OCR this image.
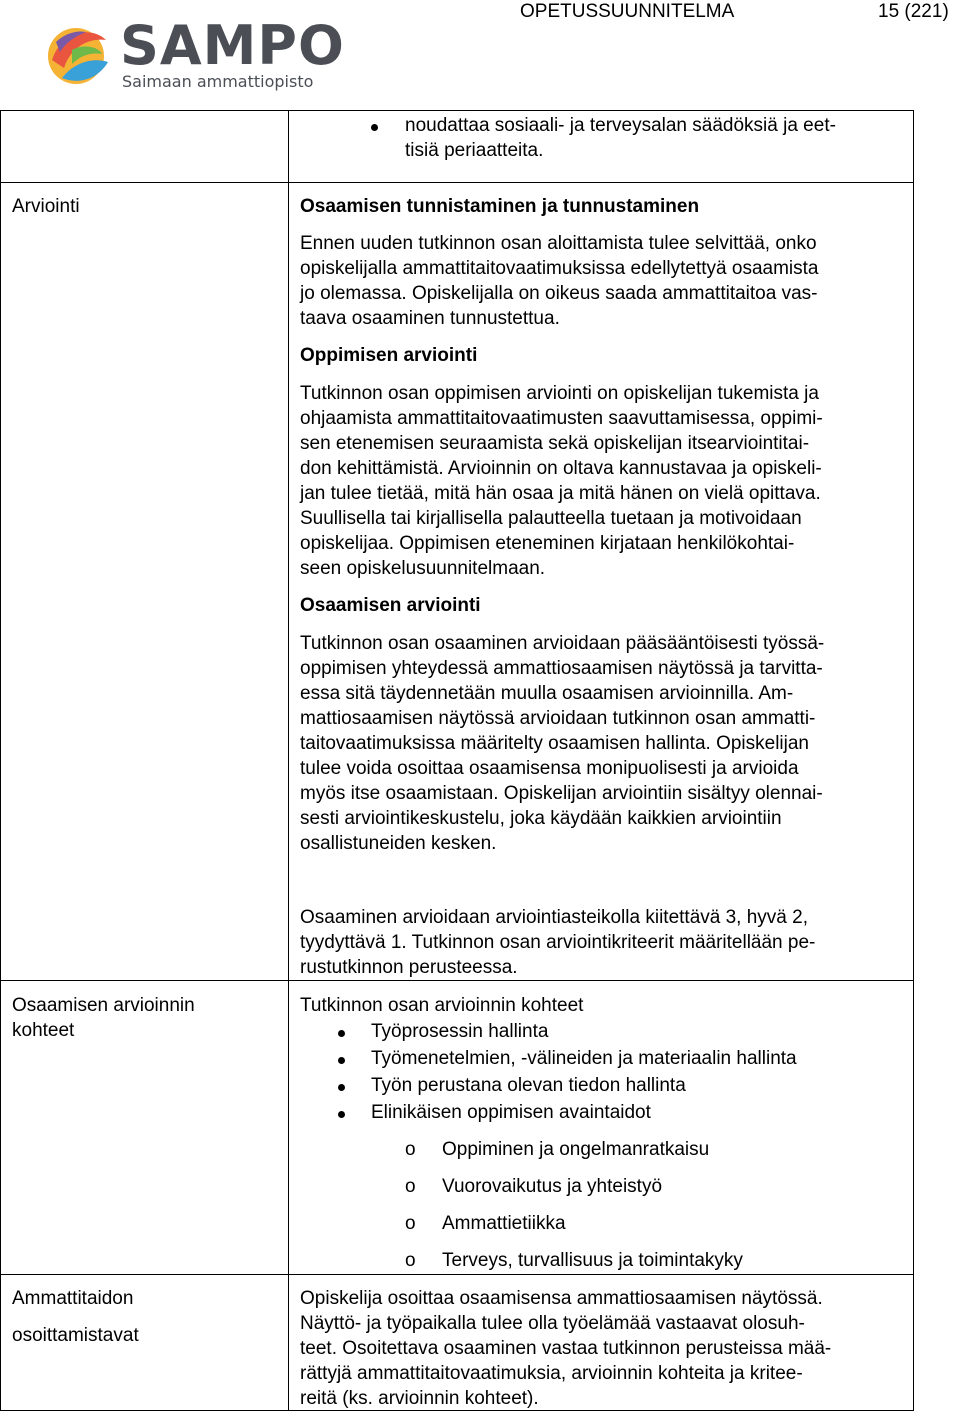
OPETUSSUUNNITELMA	15 (221)
SAMPO
Saimaan ammattiopisto
noudattaa sosiaali- ja terveysalan säädöksiä ja eet-
tisiä periaatteita.
Arviointi	Osaamisen tunnistaminen ja tunnustaminen
Ennen uuden tutkinnon osan aloittamista tulee selvittää, onko
opiskelijalla ammattitaitovaatimuksissa edellytettyä osaamista
jo olemassa. Opiskelijalla on oikeus saada ammattitaitoa vas-
taava osaaminen tunnustettua.
Oppimisen arviointi
Tutkinnon osan oppimisen arviointi on opiskelijan tukemista ja
ohjaamista ammattitaitovaatimusten saavuttamisessa, oppimi-
sen etenemisen seuraamista sekä opiskelijan itsearviointitai-
don kehittämistä. Arvioinnin on oltava kannustavaa ja opiskeli-
jan tulee tietää, mitä hän osaa ja mitä hänen on vielä opittava.
Suullisella tai kirjallisella palautteella tuetaan ja motivoidaan
opiskelijaa. Oppimisen eteneminen kirjataan henkilökohtai-
seen opiskelusuunnitelmaan.
Osaamisen arviointi
Tutkinnon osan osaaminen arvioidaan pääsääntöisesti työssä-
oppimisen yhteydessä ammattiosaamisen näytössä ja tarvitta-
essa sitä täydennetään muulla osaamisen arvioinnilla. Am-
mattiosaamisen näytössä arvioidaan tutkinnon osan ammatti-
taitovaatimuksissa määritelty osaamisen hallinta. Opiskelijan
tulee voida osoittaa osaamisensa monipuolisesti ja arvioida
myös itse osaamistaan. Opiskelijan arviointiin sisältyy olennai-
sesti arviointikeskustelu, joka käydään kaikkien arviointiin
osallistuneiden kesken.
Osaaminen arvioidaan arviointiasteikolla kiitettävä 3, hyvä 2,
tyydyttävä 1. Tutkinnon osan arviointikriteerit määritellään pe-
rustutkinnon perusteessa.
Osaamisen arvioinnin
kohteet
Tutkinnon osan arvioinnin kohteet
Työprosessin hallinta
Työmenetelmien, -välineiden ja materiaalin hallinta
Työn perustana olevan tiedon hallinta
Elinikäisen oppimisen avaintaidot
o Oppiminen ja ongelmanratkaisu
o Vuorovaikutus ja yhteistyö
o Ammattietiikka
o Terveys, turvallisuus ja toimintakyky
Ammattitaidon
osoittamistavat
Opiskelija osoittaa osaamisensa ammattiosaamisen näytössä.
Näyttö- ja työpaikalla tulee olla työelämää vastaavat olosuh-
teet. Osoitettava osaaminen vastaa tutkinnon perusteissa mää-
rättyjä ammattitaitovaatimuksia, arvioinnin kohteita ja kritee-
reitä (ks. arvioinnin kohteet).
